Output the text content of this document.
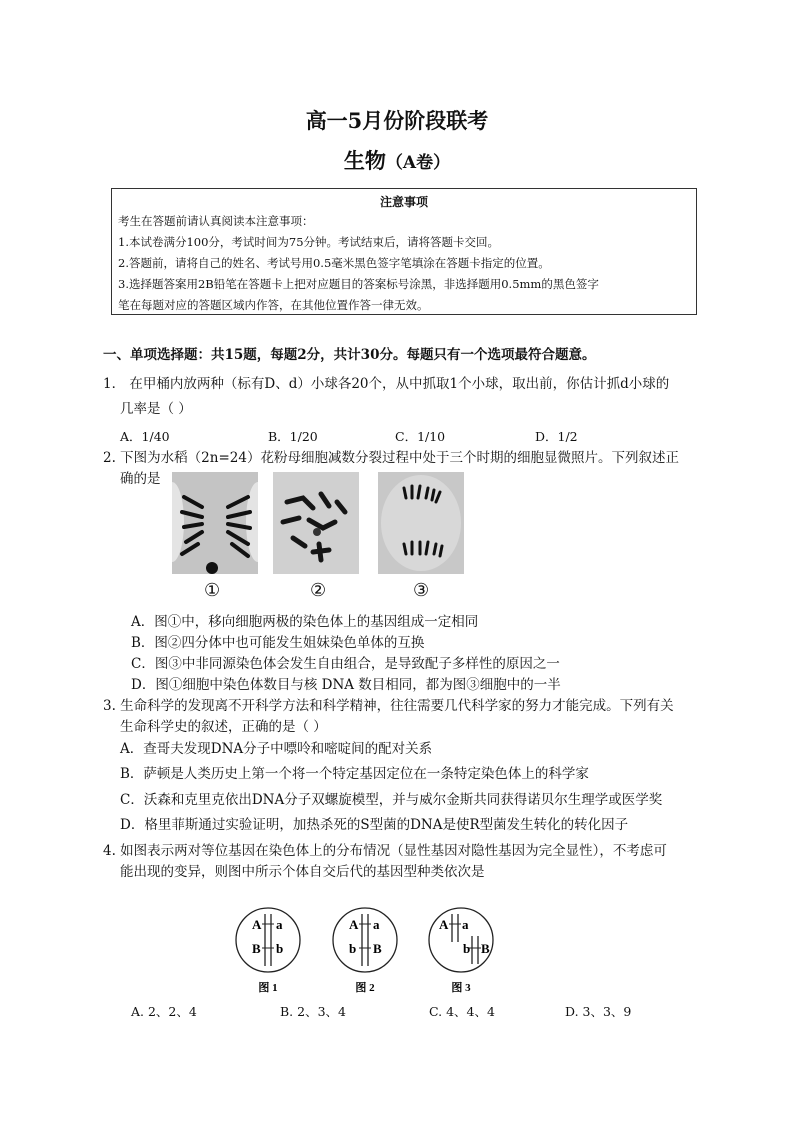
高一5月份阶段联考
生物（A卷）
注意事项
考生在答题前请认真阅读本注意事项：
1.本试卷满分100分，考试时间为75分钟。考试结束后，请将答题卡交回。
2.答题前，请将自己的姓名、考试号用0.5毫米黑色签字笔填涂在答题卡指定的位置。
3.选择题答案用2B铅笔在答题卡上把对应题目的答案标号涂黑，非选择题用0.5mm的黑色签字
笔在每题对应的答题区域内作答，在其他位置作答一律无效。
一、单项选择题：共15题，每题2分，共计30分。每题只有一个选项最符合题意。
1． 在甲桶内放两种（标有D、d）小球各20个，从中抓取1个小球，取出前，你估计抓d小球的
几率是（ ）
A．1/40	B．1/20	C．1/10	D．1/2
2. 下图为水稻（2n=24）花粉母细胞减数分裂过程中处于三个时期的细胞显微照片。下列叙述正
确的是
①	②	③
A．图①中，移向细胞两极的染色体上的基因组成一定相同
B．图②四分体中也可能发生姐妹染色单体的互换
C．图③中非同源染色体会发生自由组合，是导致配子多样性的原因之一
D．图①细胞中染色体数目与核 DNA 数目相同，都为图③细胞中的一半
3. 生命科学的发现离不开科学方法和科学精神，往往需要几代科学家的努力才能完成。下列有关
生命科学史的叙述，正确的是（ ）
A．查哥夫发现DNA分子中嘌呤和嘧啶间的配对关系
B．萨顿是人类历史上第一个将一个特定基因定位在一条特定染色体上的科学家
C．沃森和克里克依出DNA分子双螺旋模型，并与威尔金斯共同获得诺贝尔生理学或医学奖
D．格里菲斯通过实验证明，加热杀死的S型菌的DNA是使R型菌发生转化的转化因子
4. 如图表示两对等位基因在染色体上的分布情况（显性基因对隐性基因为完全显性），不考虑可
能出现的变异，则图中所示个体自交后代的基因型种类依次是
A a
B b
图 1
A a
b B
图 2
A a
b B
图 3
A. 2、2、4	B. 2、3、4	C. 4、4、4	D. 3、3、9
